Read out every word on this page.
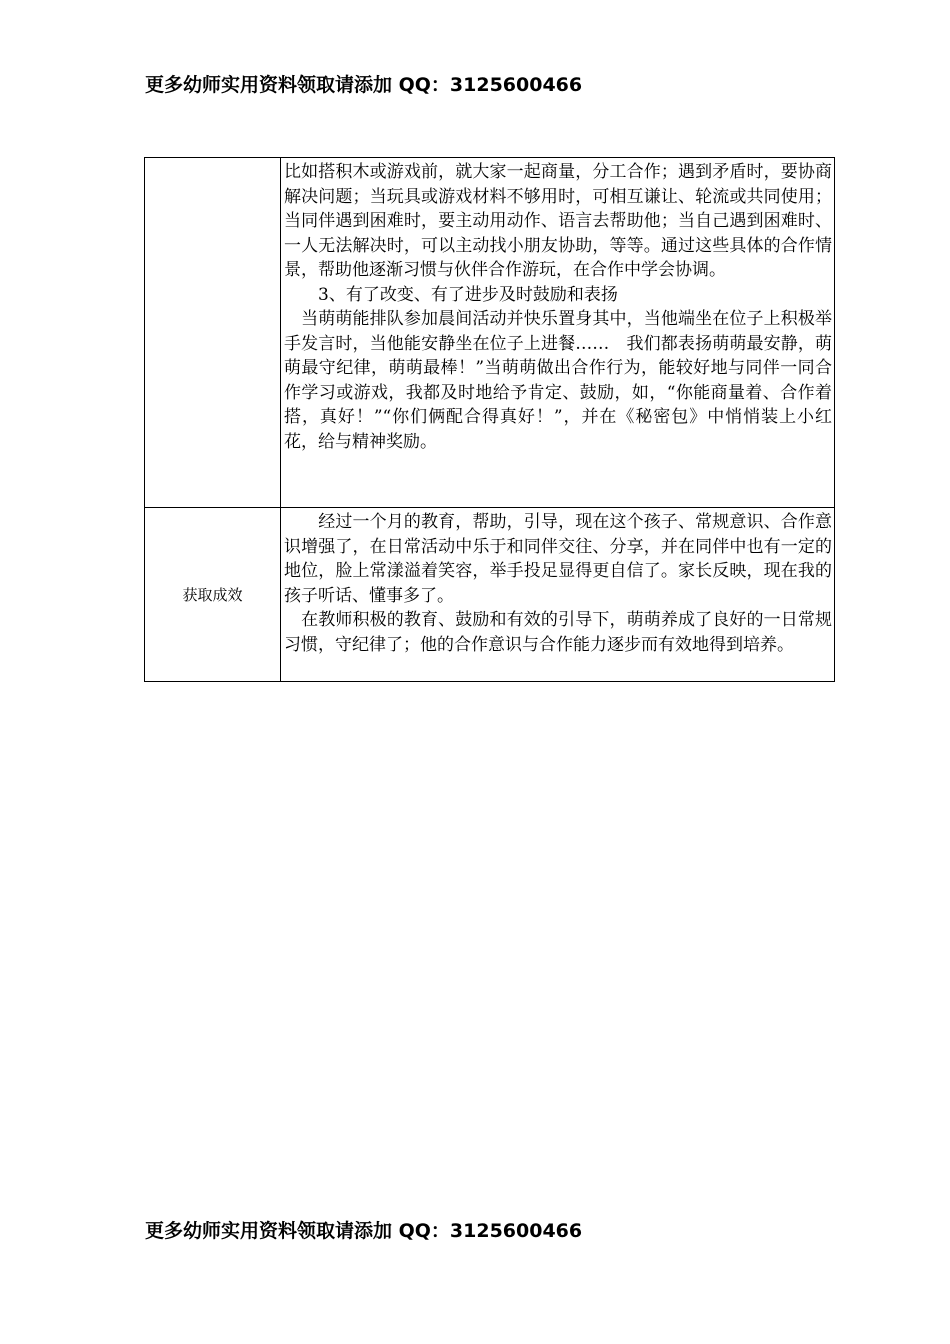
更多幼师实用资料领取请添加 QQ：3125600466

	比如搭积木或游戏前，就大家一起商量，分工合作；遇到矛盾时，要协商解决问题；当玩具或游戏材料不够用时，可相互谦让、轮流或共同使用；当同伴遇到困难时，要主动用动作、语言去帮助他；当自己遇到困难时、一人无法解决时，可以主动找小朋友协助，等等。通过这些具体的合作情景，帮助他逐渐习惯与伙伴合作游玩，在合作中学会协调。

　　3、有了改变、有了进步及时鼓励和表扬

　当萌萌能排队参加晨间活动并快乐置身其中，当他端坐在位子上积极举手发言时，当他能安静坐在位子上进餐……　我们都表扬萌萌最安静，萌萌最守纪律，萌萌最棒！”当萌萌做出合作行为，能较好地与同伴一同合作学习或游戏，我都及时地给予肯定、鼓励，如，“你能商量着、合作着搭，真好！”“你们俩配合得真好！”，并在《秘密包》中悄悄装上小红花，给与精神奖励。

获取成效	　　经过一个月的教育，帮助，引导，现在这个孩子、常规意识、合作意识增强了，在日常活动中乐于和同伴交往、分享，并在同伴中也有一定的地位，脸上常漾溢着笑容，举手投足显得更自信了。家长反映，现在我的孩子听话、懂事多了。

　在教师积极的教育、鼓励和有效的引导下，萌萌养成了良好的一日常规习惯，守纪律了；他的合作意识与合作能力逐步而有效地得到培养。

更多幼师实用资料领取请添加 QQ：3125600466
